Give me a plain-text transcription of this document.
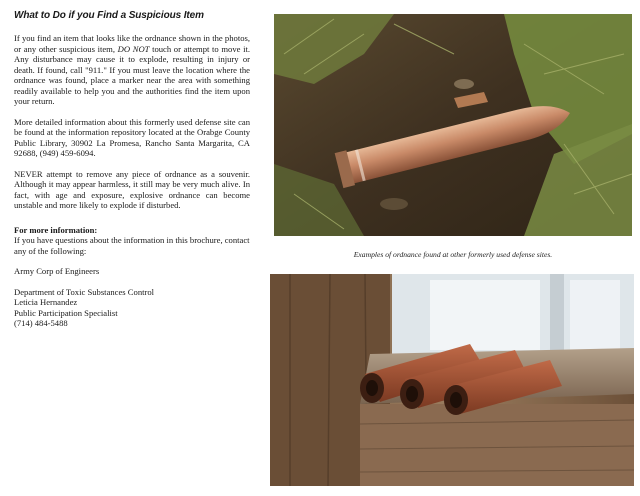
What to Do if you Find a Suspicious Item

If you find an item that looks like the ordnance shown in the photos, or any other suspicious item, DO NOT touch or attempt to move it. Any disturbance may cause it to explode, resulting in injury or death. If found, call "911." If you must leave the location where the ordnance was found, place a marker near the area with something readily available to help you and the authorities find the item upon your return.

More detailed information about this formerly used defense site can be found at the information repository located at the Orabge County Public Library, 30902 La Promesa, Rancho Santa Margarita, CA 92688, (949) 459-6094.

NEVER attempt to remove any piece of ordnance as a souvenir. Although it may appear harmless, it still may be very much alive. In fact, with age and exposure, explosive ordnance can become unstable and more likely to explode if disturbed.

For more information:
If you have questions about the information in this brochure, contact any of the following:
Army Corp of Engineers
Department of Toxic Substances Control
Leticia Hernandez
Public Participation Specialist
(714) 484-5488
Examples of ordnance found at other formerly used defense sites.
